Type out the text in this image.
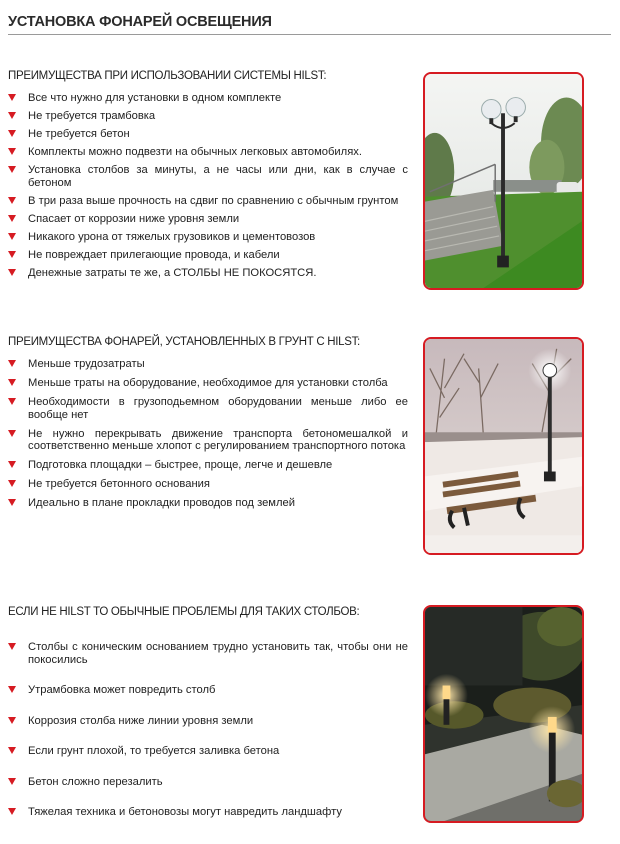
УСТАНОВКА ФОНАРЕЙ ОСВЕЩЕНИЯ
ПРЕИМУЩЕСТВА ПРИ ИСПОЛЬЗОВАНИИ СИСТЕМЫ HILST:
Все что нужно для установки в одном комплекте
Не требуется трамбовка
Не требуется бетон
Комплекты можно подвезти на обычных легковых автомобилях.
Установка столбов за минуты, а не часы или дни, как в случае с бетоном
В три раза выше прочность на сдвиг по сравнению с обычным грунтом
Спасает от коррозии ниже уровня земли
Никакого урона от тяжелых грузовиков и цементовозов
Не повреждает прилегающие провода, и кабели
Денежные затраты те же, а СТОЛБЫ НЕ ПОКОСЯТСЯ.
ПРЕИМУЩЕСТВА ФОНАРЕЙ, УСТАНОВЛЕННЫХ В ГРУНТ С HILST:
Меньше трудозатраты
Меньше траты на оборудование, необходимое для установки столба
Необходимости в грузоподьемном оборудовании меньше либо ее вообще нет
Не нужно перекрывать движение транспорта бетономешалкой и соответственно меньше хлопот с регулированием транспортного потока
Подготовка площадки – быстрее, проще, легче и дешевле
Не требуется бетонного основания
Идеально в плане прокладки проводов под землей
ЕСЛИ НЕ HILST ТО ОБЫЧНЫЕ ПРОБЛЕМЫ ДЛЯ ТАКИХ СТОЛБОВ:
Столбы с коническим основанием трудно установить так, чтобы они не покосились
Утрамбовка может повредить столб
Коррозия столба ниже линии уровня земли
Если грунт плохой, то требуется заливка бетона
Бетон сложно перезалить
Тяжелая техника и бетоновозы могут навредить ландшафту
